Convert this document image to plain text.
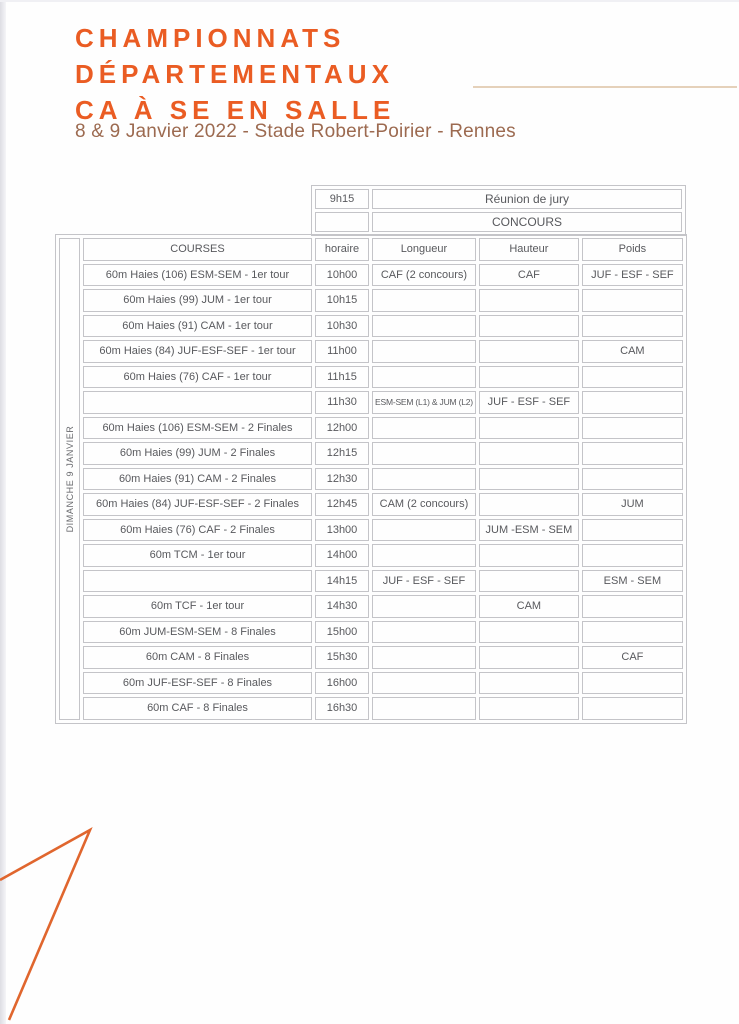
CHAMPIONNATS
DÉPARTEMENTAUX
CA À SE EN SALLE
8 & 9 Janvier 2022 - Stade Robert-Poirier - Rennes
9h15	Réunion de jury
	CONCOURS
DIMANCHE 9 JANVIER	COURSES	horaire	Longueur	Hauteur	Poids
	60m Haies (106) ESM-SEM - 1er tour	10h00	CAF (2 concours)	CAF	JUF - ESF - SEF
	60m Haies (99) JUM - 1er tour	10h15			
	60m Haies (91) CAM - 1er tour	10h30			
	60m Haies (84) JUF-ESF-SEF - 1er tour	11h00			CAM
	60m Haies (76) CAF - 1er tour	11h15			
		11h30	ESM-SEM (L1) & JUM (L2)	JUF - ESF - SEF	
	60m Haies (106) ESM-SEM - 2 Finales	12h00			
	60m Haies (99) JUM - 2 Finales	12h15			
	60m Haies (91) CAM - 2 Finales	12h30			
	60m Haies (84) JUF-ESF-SEF - 2 Finales	12h45	CAM (2 concours)		JUM
	60m Haies (76) CAF - 2 Finales	13h00		JUM -ESM - SEM	
	60m TCM - 1er tour	14h00			
		14h15	JUF - ESF - SEF		ESM - SEM
	60m TCF - 1er tour	14h30		CAM	
	60m JUM-ESM-SEM - 8 Finales	15h00			
	60m CAM - 8 Finales	15h30			CAF
	60m JUF-ESF-SEF - 8 Finales	16h00			
	60m CAF - 8 Finales	16h30			
